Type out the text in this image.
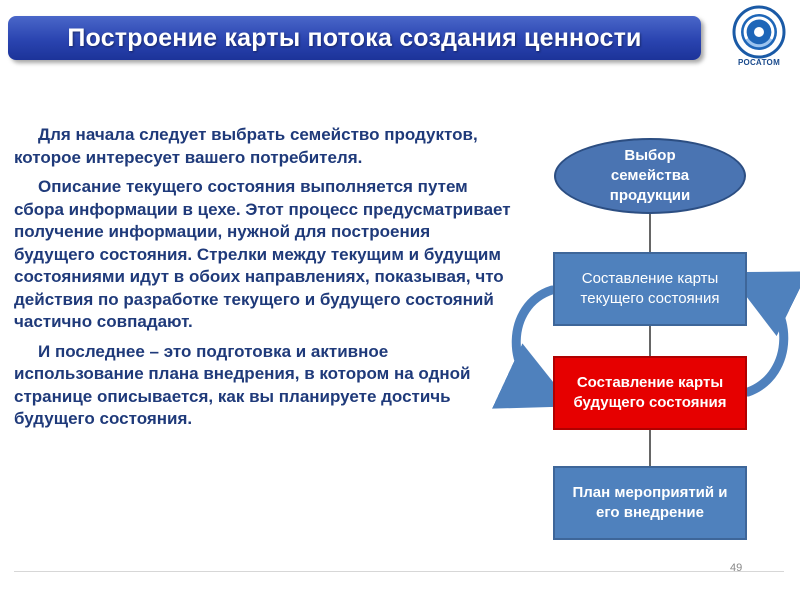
Построение карты потока создания ценности
РОСАТОМ

Для начала следует выбрать семейство продуктов, которое интересует вашего потребителя.

Описание текущего состояния выполняется путем сбора информации в цехе. Этот процесс предусматривает получение информации, нужной для построения будущего состояния. Стрелки между текущим и будущим состояниями идут в обоих направлениях, показывая, что действия по разработке текущего и будущего состояний частично совпадают.

И последнее – это подготовка и активное использование плана внедрения, в котором на одной странице описывается, как вы планируете достичь будущего состояния.

Выбор семейства продукции
Составление карты текущего состояния
Составление карты будущего состояния
План мероприятий и его внедрение
49
